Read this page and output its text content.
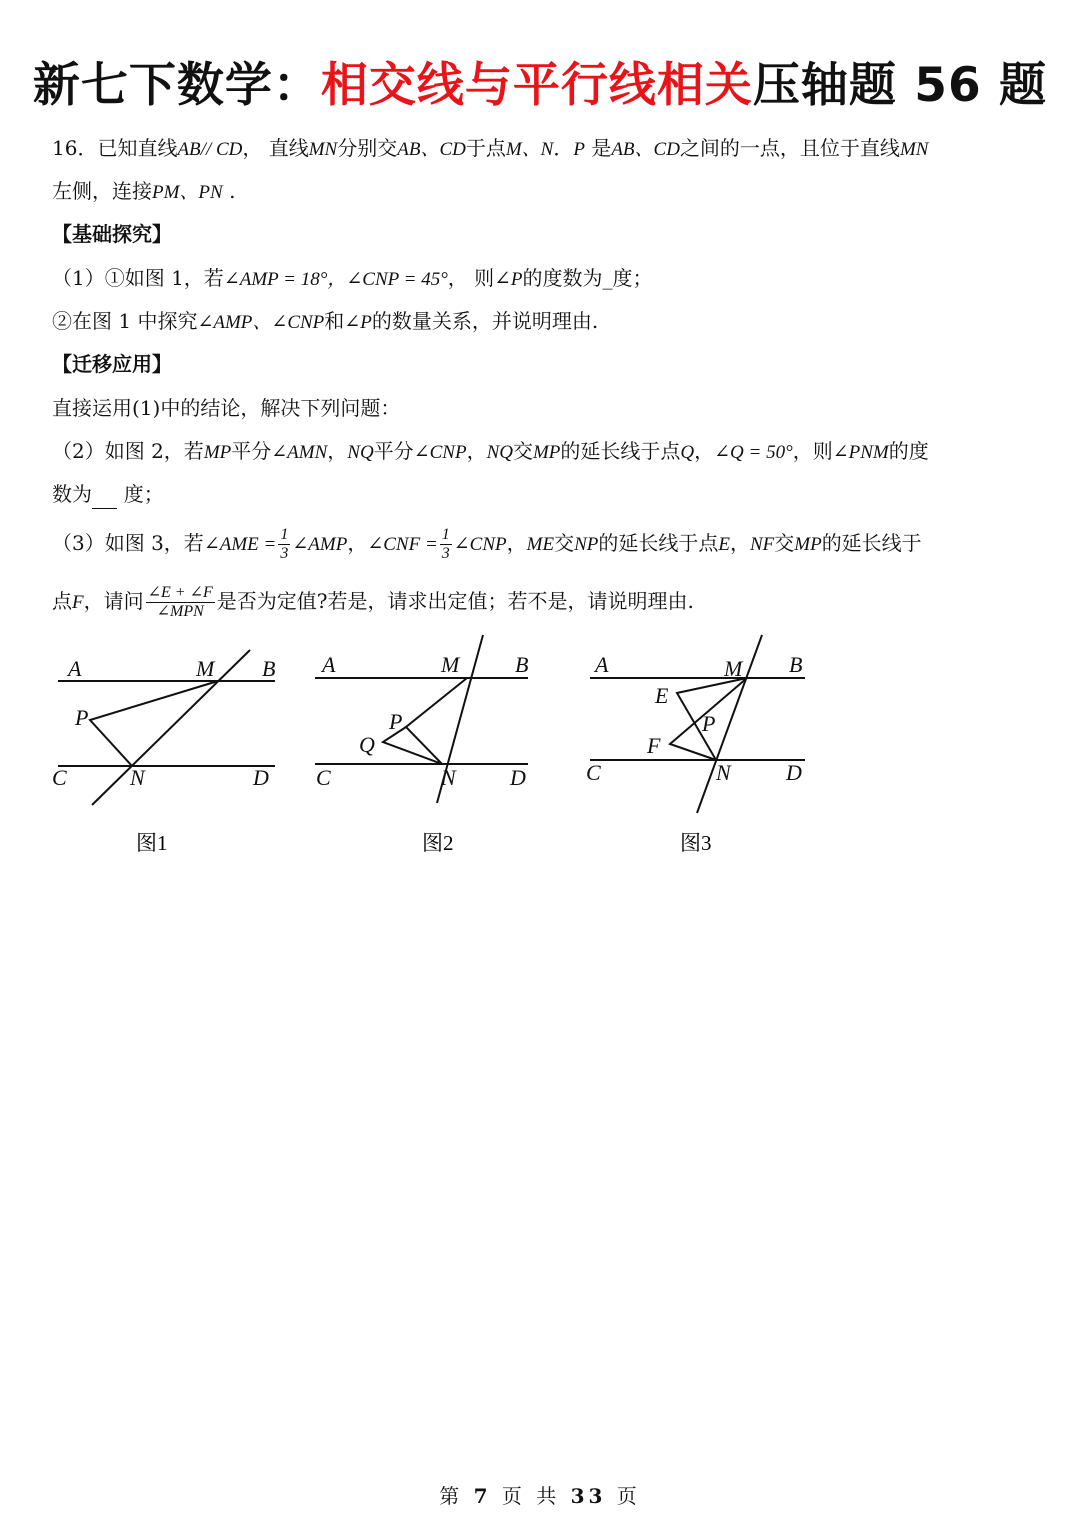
新七下数学：相交线与平行线相关压轴题 56 题
16．已知直线AB// CD， 直线MN分别交AB、CD于点M、N．P 是AB、CD之间的一点，且位于直线MN
左侧，连接PM、PN .
【基础探究】
（1）①如图 1，若∠AMP = 18°，∠CNP = 45°， 则∠P的度数为_度；
②在图 1 中探究∠AMP、∠CNP和∠P的数量关系，并说明理由.
【迁移应用】
直接运用(1)中的结论，解决下列问题：
（2）如图 2，若MP平分∠AMN，NQ平分∠CNP，NQ交MP的延长线于点Q，∠Q = 50°，则∠PNM的度
数为     度；
（3）如图 3，若∠AME = $\frac{1}{3}$ ∠AMP，∠CNF = $\frac{1}{3}$ ∠CNP，ME交NP的延长线于点E，NF交MP的延长线于
点F，请问 $\frac{\angle E + \angle F}{\text{∠MPN}}$ 是否为定值?若是，请求出定值；若不是，请说明理由.
A	M B
P
C	N	D
图1
A	M	B
P
Q
C	N D
图2
A	M B
E
P
F
C	N	D
图3
第 7 页 共 33 页
